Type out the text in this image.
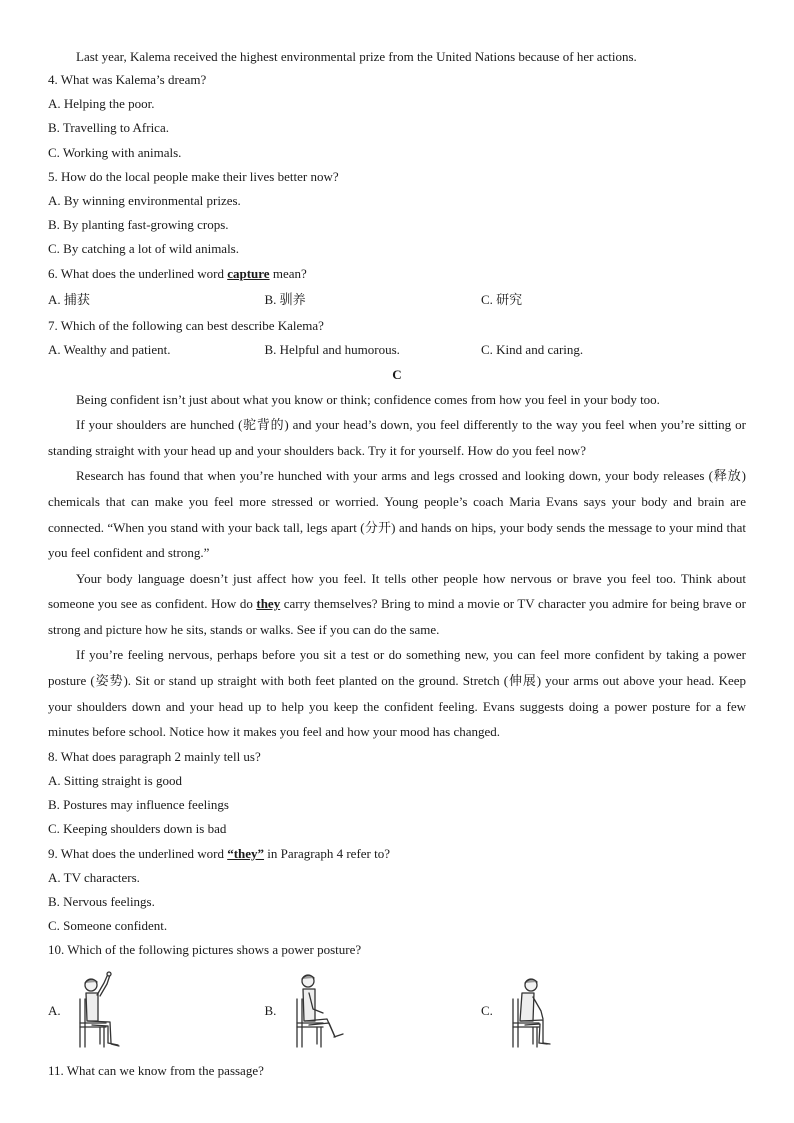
Last year, Kalema received the highest environmental prize from the United Nations because of her actions.
4. What was Kalema’s dream?
A. Helping the poor.
B. Travelling to Africa.
C. Working with animals.
5. How do the local people make their lives better now?
A. By winning environmental prizes.
B. By planting fast-growing crops.
C. By catching a lot of wild animals.
6. What does the underlined word capture mean?
A. 捕获	B. 驯养	C. 研究
7. Which of the following can best describe Kalema?
A. Wealthy and patient.	B. Helpful and humorous.	C. Kind and caring.
C
Being confident isn’t just about what you know or think; confidence comes from how you feel in your body too.
If your shoulders are hunched (驼背的) and your head’s down, you feel differently to the way you feel when you’re sitting or standing straight with your head up and your shoulders back. Try it for yourself. How do you feel now?
Research has found that when you’re hunched with your arms and legs crossed and looking down, your body releases (释放) chemicals that can make you feel more stressed or worried. Young people’s coach Maria Evans says your body and brain are connected. “When you stand with your back tall, legs apart (分开) and hands on hips, your body sends the message to your mind that you feel confident and strong.”
Your body language doesn’t just affect how you feel. It tells other people how nervous or brave you feel too. Think about someone you see as confident. How do they carry themselves? Bring to mind a movie or TV character you admire for being brave or strong and picture how he sits, stands or walks. See if you can do the same.
If you’re feeling nervous, perhaps before you sit a test or do something new, you can feel more confident by taking a power posture (姿势). Sit or stand up straight with both feet planted on the ground. Stretch (伸展) your arms out above your head. Keep your shoulders down and your head up to help you keep the confident feeling. Evans suggests doing a power posture for a few minutes before school. Notice how it makes you feel and how your mood has changed.
8. What does paragraph 2 mainly tell us?
A. Sitting straight is good
B. Postures may influence feelings
C. Keeping shoulders down is bad
9. What does the underlined word “they” in Paragraph 4 refer to?
A. TV characters.
B. Nervous feelings.
C. Someone confident.
10. Which of the following pictures shows a power posture?
A.	B.	C.
11. What can we know from the passage?
